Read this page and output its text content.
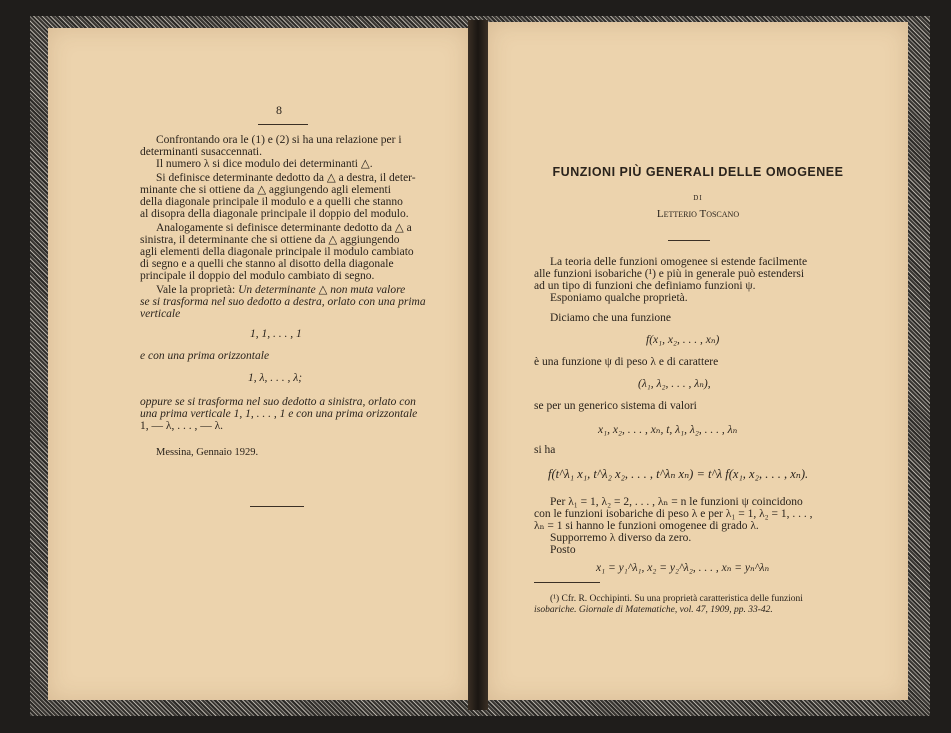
8
Confrontando ora le (1) e (2) si ha una relazione per i
determinanti susaccennati.
Il numero λ si dice modulo dei determinanti △.
Si definisce determinante dedotto da △ a destra, il deter-
minante che si ottiene da △ aggiungendo agli elementi
della diagonale principale il modulo e a quelli che stanno
al disopra della diagonale principale il doppio del modulo.
Analogamente si definisce determinante dedotto da △ a
sinistra, il determinante che si ottiene da △ aggiungendo
agli elementi della diagonale principale il modulo cambiato
di segno e a quelli che stanno al disotto della diagonale
principale il doppio del modulo cambiato di segno.
Vale la proprietà: Un determinante △ non muta valore
se si trasforma nel suo dedotto a destra, orlato con una prima
verticale
1, 1, . . . , 1
e con una prima orizzontale
1, λ, . . . , λ;
oppure se si trasforma nel suo dedotto a sinistra, orlato con
una prima verticale 1, 1, . . . , 1 e con una prima orizzontale
1, — λ, . . . , — λ.
Messina, Gennaio 1929.
FUNZIONI PIÙ GENERALI DELLE OMOGENEE
DI
Letterio Toscano
La teoria delle funzioni omogenee si estende facilmente
alle funzioni isobariche (¹) e più in generale può estendersi
ad un tipo di funzioni che definiamo funzioni ψ.
Esponiamo qualche proprietà.
Diciamo che una funzione
f(x₁, x₂, . . . , xₙ)
è una funzione ψ di peso λ e di carattere
(λ₁, λ₂, . . . , λₙ),
se per un generico sistema di valori
x₁, x₂, . . . , xₙ, t, λ₁, λ₂, . . . , λₙ
si ha
f(t^λ₁ x₁, t^λ₂ x₂, . . . , t^λₙ xₙ) = t^λ f(x₁, x₂, . . . , xₙ).
Per λ₁ = 1, λ₂ = 2, . . . , λₙ = n le funzioni ψ coincidono
con le funzioni isobariche di peso λ e per λ₁ = 1, λ₂ = 1, . . . ,
λₙ = 1 si hanno le funzioni omogenee di grado λ.
Supporremo λ diverso da zero.
Posto
x₁ = y₁^λ₁, x₂ = y₂^λ₂, . . . , xₙ = yₙ^λₙ
(¹) Cfr. R. Occhipinti. Su una proprietà caratteristica delle funzioni
isobariche. Giornale di Matematiche, vol. 47, 1909, pp. 33-42.
